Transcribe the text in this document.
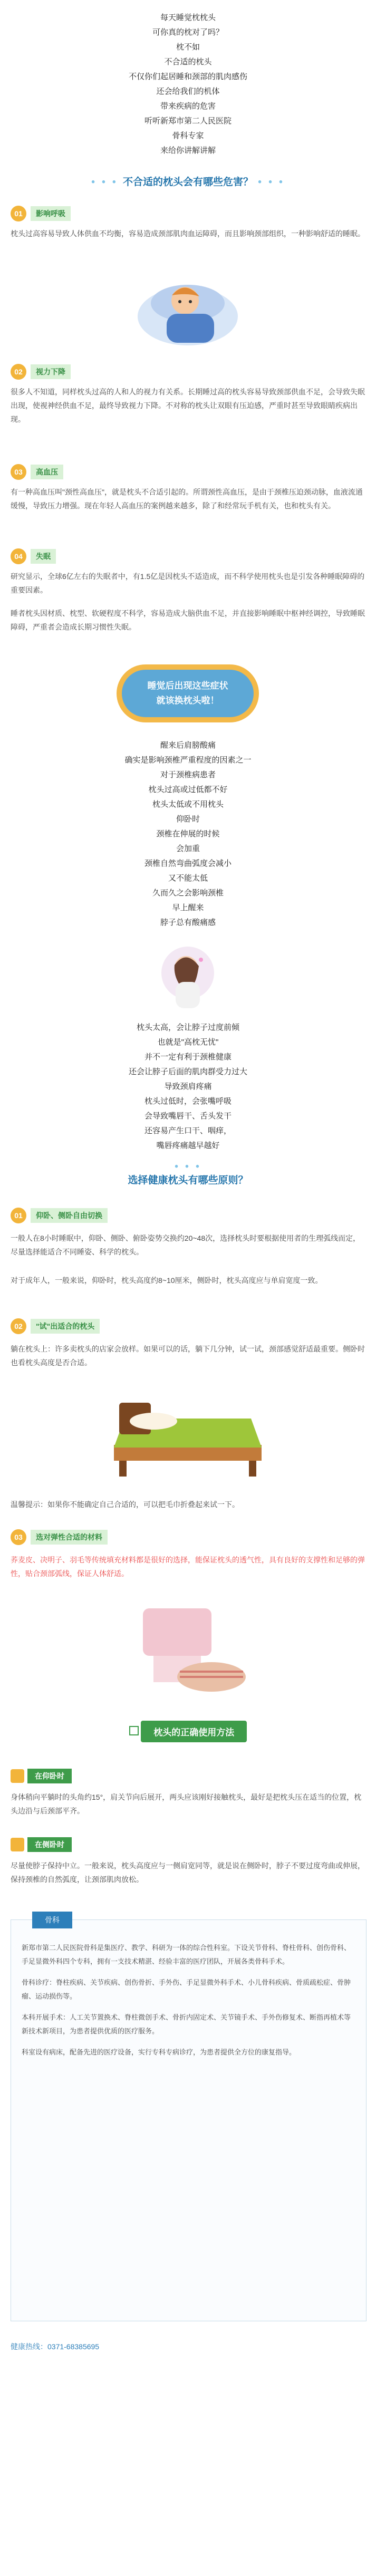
每天睡觉枕枕头
可你真的枕对了吗？
枕不如
不合适的枕头
不仅你们起居睡和颈部的肌肉感伤
还会给我们的机体
带来疾病的危害
听听新郑市第二人民医院
骨科专家
来给你讲解讲解
• • • 不合适的枕头会有哪些危害？ • • •
01	影响呼吸
枕头过高容易导致人体供血不均衡，容易造成颈部肌肉血运障碍，而且影响颈部组织，一种影响舒适的睡眠。
02	视力下降
很多人不知道，同样枕头过高的人和人的视力有关系。长期睡过高的枕头容易导致颈部供血不足，会导致失眠出现，使视神经供血不足，最终导致视力下降。不对称的枕头让双眼有压迫感，严重时甚至导致眼睛疾病出现。
03	高血压
有一种高血压叫"颈性高血压"，就是枕头不合适引起的。所谓颈性高血压，是由于颈椎压迫颈动脉，血液流通缓慢，导致压力增强。现在年轻人高血压的案例越来越多，除了和经常玩手机有关，也和枕头有关。
04	失眠
研究显示，全球6亿左右的失眠者中，有1.5亿是因枕头不适造成，而不科学使用枕头也是引发各种睡眠障碍的重要因素。
睡者枕头因材质、枕型、软硬程度不科学，容易造成大脑供血不足，并直接影响睡眠中枢神经调控，导致睡眠障碍，严重者会造成长期习惯性失眠。
睡觉后出现这些症状
就该换枕头啦！
醒来后肩膀酸痛
确实是影响颈椎严重程度的因素之一
对于颈椎病患者
枕头过高或过低都不好
枕头太低或不用枕头
仰卧时
颈椎在伸展的时候
会加重
颈椎自然弯曲弧度会减小
又不能太低
久而久之会影响颈椎
早上醒来
脖子总有酸痛感
枕头太高，会让脖子过度前倾
也就是"高枕无忧"
并不一定有利于颈椎健康
还会让脖子后面的肌肉群受力过大
导致颈肩疼痛
枕头过低时，会张嘴呼吸
会导致嘴唇干、舌头发干
还容易产生口干、咽痒，
嘴唇疼痛越早越好
• • •
选择健康枕头有哪些原则？
01	仰卧、侧卧自由切换
一般人在8小时睡眠中，仰卧、侧卧、俯卧姿势交换约20~48次，选择枕头时要根据使用者的生理弧线而定，尽量选择能适合不同睡姿、科学的枕头。
对于成年人，一般来说，仰卧时，枕头高度约8~10厘米，侧卧时，枕头高度应与单肩宽度一致。
02	"试"出适合的枕头
躺在枕头上：许多卖枕头的店家会放样。如果可以的话，躺下几分钟，试一试，颈部感觉舒适最重要。侧卧时也看枕头高度是否合适。
温馨提示：如果你不能确定自己合适的，可以把毛巾折叠起来试一下。
03	选对弹性合适的材料
荞麦皮、决明子、羽毛等传统填充材料都是很好的选择，能保证枕头的透气性，具有良好的支撑性和足够的弹性，贴合颈部弧线，保证人体舒适。
枕头的正确使用方法
在仰卧时
身体稍向平躺时的头角约15°，肩关节向后展开，两头应该刚好接触枕头，最好是把枕头压在适当的位置，枕头边沿与后颈部平齐。
在侧卧时
尽量使脖子保持中立。一般来说，枕头高度应与一侧肩宽同等，就是说在侧卧时，脖子不要过度弯曲或伸展，保持颈椎的自然弧度，让颈部肌肉放松。
骨科

新郑市第二人民医院骨科是集医疗、教学、科研为一体的综合性科室。下设关节骨科、脊柱骨科、创伤骨科、手足显微外科四个专科，拥有一支技术精湛、经验丰富的医疗团队，开展各类骨科手术。

骨科诊疗：脊柱疾病、关节疾病、创伤骨折、手外伤、手足显微外科手术、小儿骨科疾病、骨质疏松症、骨肿瘤、运动损伤等。

本科开展手术：人工关节置换术、脊柱微创手术、骨折内固定术、关节镜手术、手外伤修复术、断指再植术等新技术新项目，为患者提供优质的医疗服务。

科室设有病床，配备先进的医疗设备，实行专科专病诊疗，为患者提供全方位的康复指导。

健康热线：0371-68385695
